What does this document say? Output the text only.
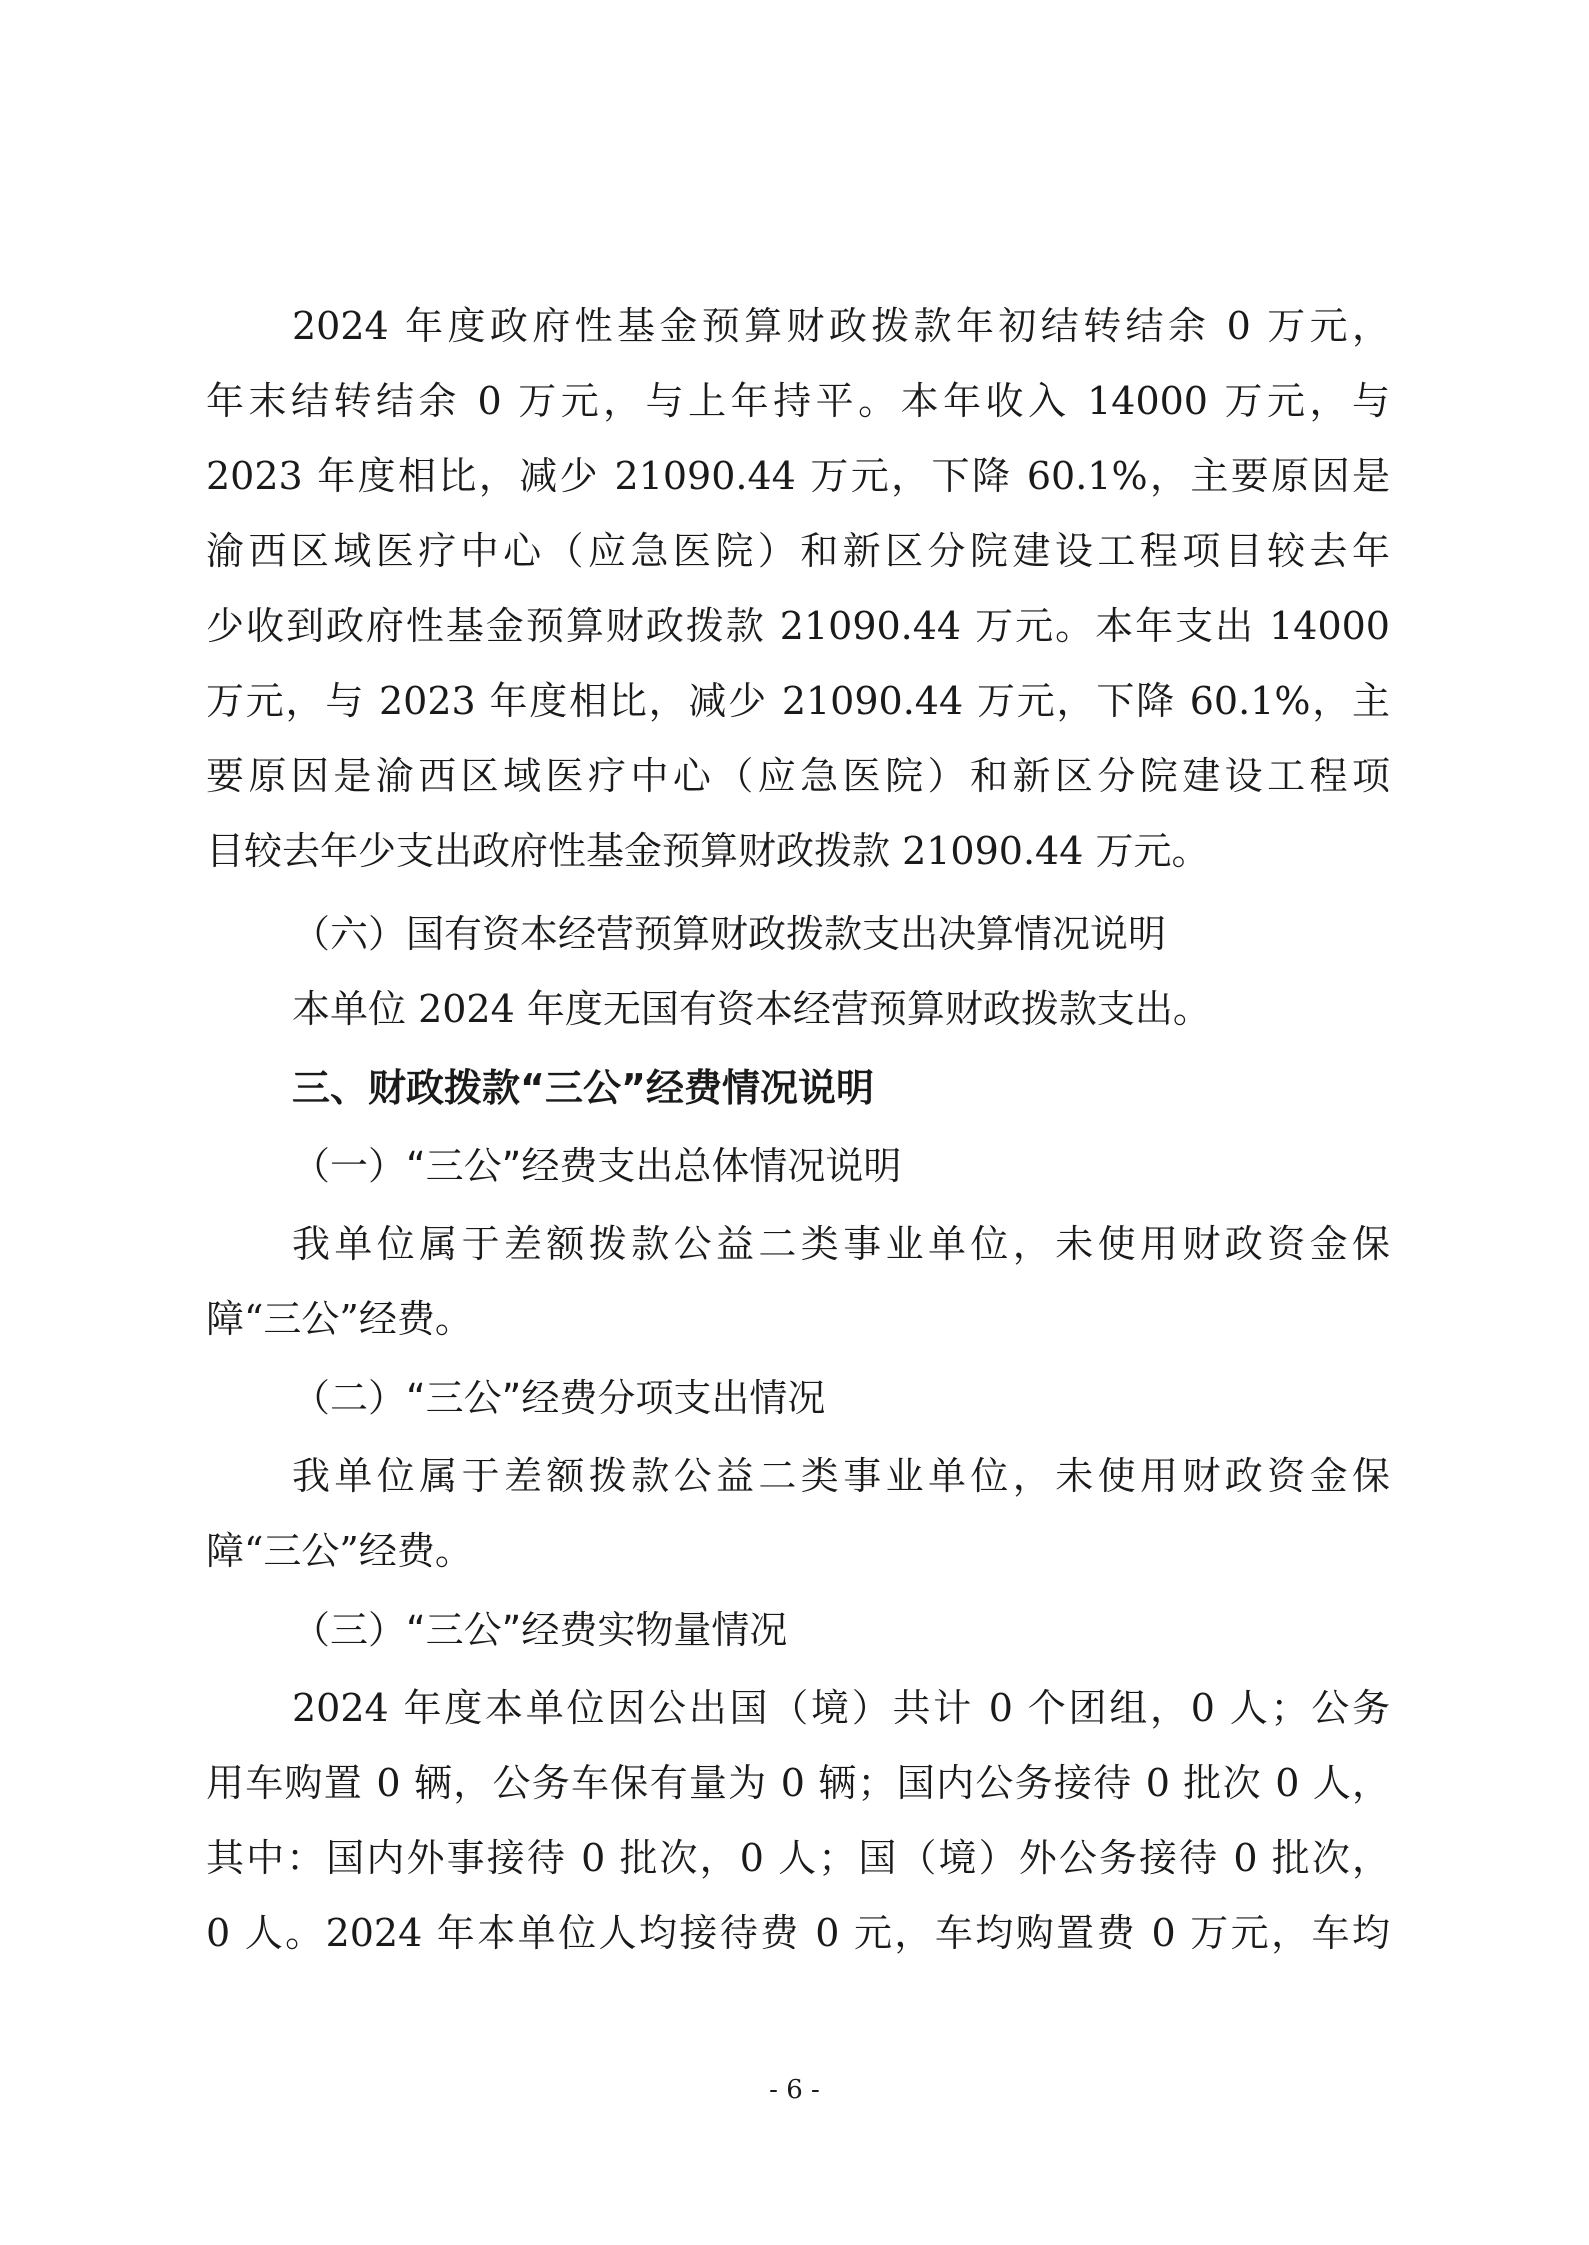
2024 年度政府性基金预算财政拨款年初结转结余 0 万元，
年末结转结余 0 万元，与上年持平。本年收入 14000 万元，与
2023 年度相比，减少 21090.44 万元，下降 60.1%，主要原因是
渝西区域医疗中心（应急医院）和新区分院建设工程项目较去年
少收到政府性基金预算财政拨款 21090.44 万元。本年支出 14000
万元，与 2023 年度相比，减少 21090.44 万元，下降 60.1%，主
要原因是渝西区域医疗中心（应急医院）和新区分院建设工程项
目较去年少支出政府性基金预算财政拨款 21090.44 万元。
（六）国有资本经营预算财政拨款支出决算情况说明
本单位 2024 年度无国有资本经营预算财政拨款支出。
三、财政拨款“三公”经费情况说明
（一）“三公”经费支出总体情况说明
我单位属于差额拨款公益二类事业单位，未使用财政资金保
障“三公”经费。
（二）“三公”经费分项支出情况
我单位属于差额拨款公益二类事业单位，未使用财政资金保
障“三公”经费。
（三）“三公”经费实物量情况
2024 年度本单位因公出国（境）共计 0 个团组，0 人；公务
用车购置 0 辆，公务车保有量为 0 辆；国内公务接待 0 批次 0 人，
其中：国内外事接待 0 批次，0 人；国（境）外公务接待 0 批次，
0 人。2024 年本单位人均接待费 0 元，车均购置费 0 万元，车均
- 6 -
